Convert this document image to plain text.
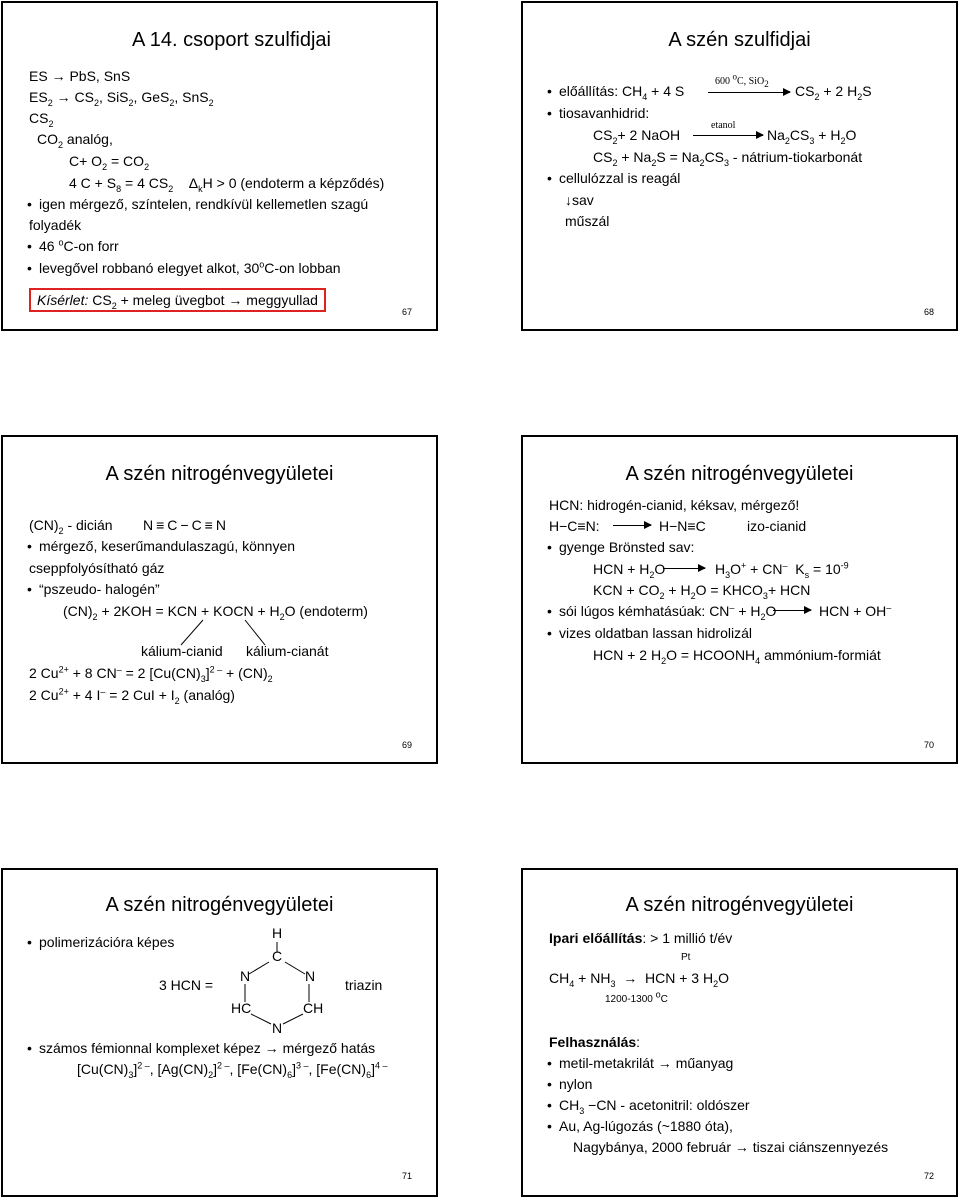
A 14. csoport szulfidjai
ES → PbS, SnS
$ES_2 \to CS_2$, SiS$_2$, GeS$_2$, SnS$_2$
$CS_2$
$CO_2$ analóg,
$C+ O_2 = CO_2$
4 $C + S_8 = 4$ $CS_2$ $\Delta_kH > 0$ (endoterm a képződés)
• igen mérgező, színtelen, rendkívül kellemetlen szagú
folyadék
• 46 $^o$C-on forr
• levegővel robbanó elegyet alkot, 30$^o$C-on lobban
Kísérlet: $CS_2$ + meleg üvegbot → meggyullad
67
A szén szulfidjai
• előállítás: $CH_4 + 4$ S
600 $^o$C, SiO$_2$ $CS_2 + 2$ $H_2S$
• tiosavanhidrid:
$CS_2+ 2$ NaOH
etanol
$Na_2CS_3 + H_2O$
$CS_2 + Na_2S = Na_2CS_3$ - nátrium-tiokarbonát
• cellulózzal is reagál
↓sav
műszál
68
A szén nitrogénvegyületei
$(CN)_2$ - dicián N≡C−C≡N
• mérgező, keserűmandulaszagú, könnyen
cseppfolyósítható gáz
• “pszeudo- halogén”
$(CN)_2 + 2KOH$ = KCN + KOCN + $H_2O$ (endoterm)
kálium-cianid kálium-cianát
2 $Cu^{2+} + 8$ CN– = 2 $[Cu(CN)_3]^{2 -} + (CN)_2$
2 $Cu^{2+} + 4$ I– = 2 CuI + $I_2$ (analóg)
69
A szén nitrogénvegyületei
HCN: hidrogén-cianid, kéksav, mérgező!
H−C≡N: → H−N≡C	izo-cianid
• gyenge Brönsted sav:
HCN + $H_2O \to H_3O^+ + CN^-$ $K_s = 10^{-9}$
KCN + $CO_2 + H_2O$ = $KHCO_3+$ HCN
• sói lúgos kémhatásúak: $CN^- + H_2O$ → HCN + OH–
• vizes oldatban lassan hidrolizál
HCN + 2 $H_2O$ = $HCOONH_4$ ammónium-formiát
70
A szén nitrogénvegyületei
• polimerizációra képes
3 HCN =
H
C
N	N
HC	CH
N
triazin
• számos fémionnal komplexet képez → mérgező hatás
$[Cu(CN)_3]^{2 -}$, $[Ag(CN)_2]^{2 -}$, $[Fe(CN)_6]^{3 -}$, $[Fe(CN)_6]^{4 -}$
71
A szén nitrogénvegyületei
Ipari előállítás: > 1 millió t/év
Pt
$CH_4 + NH_3$  →  HCN + 3 $H_2O$
1200-1300 $^o$C
Felhasználás:
• metil-metakrilát → műanyag
• nylon
• $CH_3 -CN$ - acetonitril: oldószer
• Au, Ag-lúgozás (~1880 óta),
Nagybánya, 2000 február → tiszai ciánszennyezés
72
